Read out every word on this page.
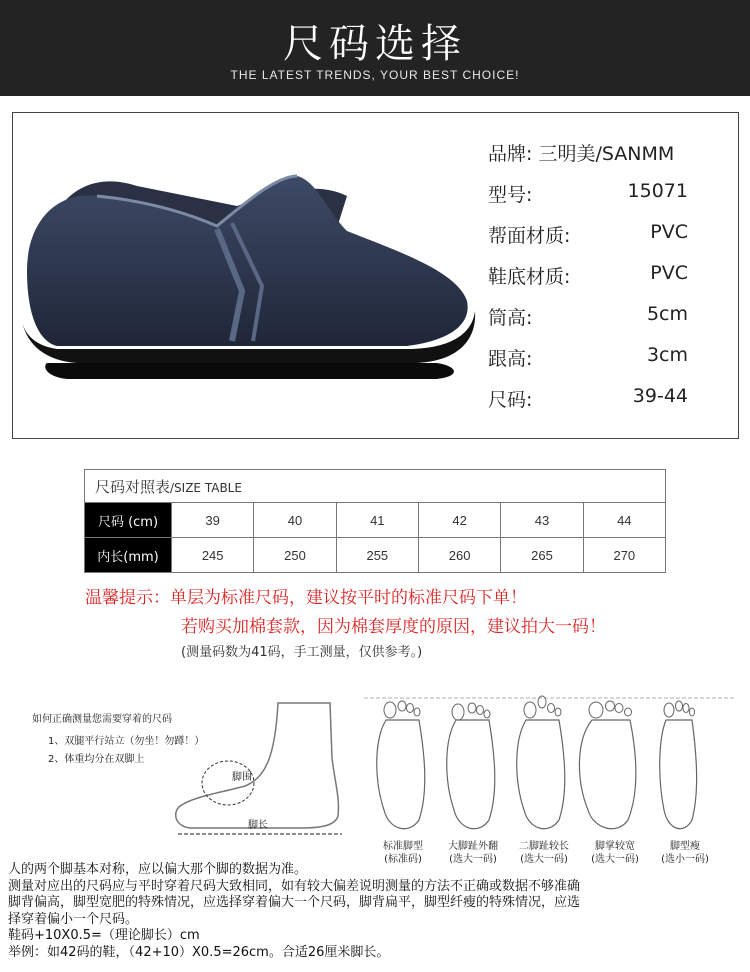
尺码选择
THE LATEST TRENDS, YOUR BEST CHOICE!
品牌: 三明美/SANMM
型号:	15071
帮面材质:	PVC
鞋底材质:	PVC
筒高:	5cm
跟高:	3cm
尺码:	39-44
尺码对照表/SIZE TABLE						
尺码 (cm)	39	40	41	42	43	44
内长(mm)	245	250	255	260	265	270
温馨提示：单层为标准尺码，建议按平时的标准尺码下单！
若购买加棉套款，因为棉套厚度的原因，建议拍大一码！
(测量码数为41码，手工测量，仅供参考。)
如何正确测量您需要穿着的尺码
1、双腿平行站立（勿坐！勿蹲！）
2、体重均分在双脚上
脚围
脚长
标准脚型
(标准码)
大脚趾外翻
(选大一码)
二脚趾较长
(选大一码)
脚掌较宽
(选大一码)
脚型瘦
(选小一码)

人的两个脚基本对称，应以偏大那个脚的数据为准。

测量对应出的尺码应与平时穿着尺码大致相同，如有较大偏差说明测量的方法不正确或数据不够准确

脚背偏高，脚型宽肥的特殊情况，应选择穿着偏大一个尺码，脚背扁平，脚型纤瘦的特殊情况，应选

择穿着偏小一个尺码。

鞋码+10X0.5=（理论脚长）cm

举例：如42码的鞋，（42+10）X0.5=26cm。合适26厘米脚长。
